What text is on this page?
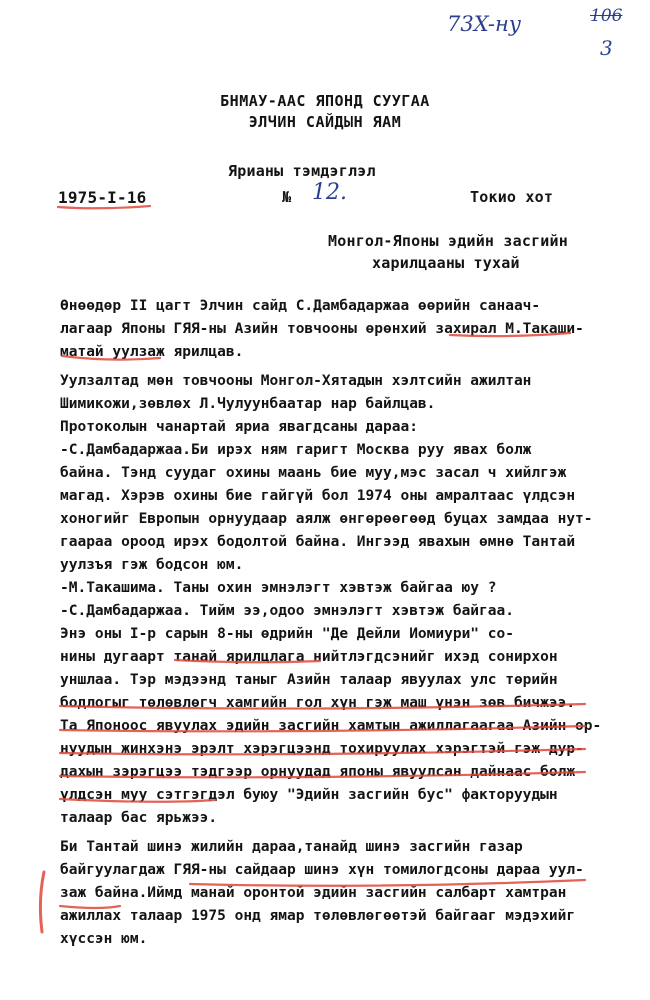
73X-ну	106
3
БНМАУ-ААС ЯПОНД СУУГАА
ЭЛЧИН САЙДЫН ЯАМ
Ярианы тэмдэглэл
1975-I-16	№ 12.	Токио хот
Монгол-Японы эдийн засгийн
харилцааны тухай
Өнөөдөр II цагт Элчин сайд С.Дамбадаржаа өөрийн санаач-
лагаар Японы ГЯЯ-ны Азийн товчооны өрөнхий захирал М.Такаши-
матай уулзаж ярилцав.
Уулзалтад мөн товчооны Монгол-Хятадын хэлтсийн ажилтан
Шимикожи,зөвлөх Л.Чулуунбаатар нар байлцав.
Протоколын чанартай яриа явагдсаны дараа:
-С.Дамбадаржаа.Би ирэх ням гаригт Москва руу явах болж
байна. Тэнд суудаг охины маань бие муу,мэс засал ч хийлгэж
магад. Хэрэв охины бие гайгүй бол 1974 оны амралтаас үлдсэн
хоногийг Европын орнуудаар аялж өнгөрөөгөөд буцах замдаа нут-
гаараа ороод ирэх бодолтой байна. Ингээд явахын өмнө Тантай
уулзъя гэж бодсон юм.
-М.Такашима. Таны охин эмнэлэгт хэвтэж байгаа юу ?
-С.Дамбадаржаа. Тийм ээ,одоо эмнэлэгт хэвтэж байгаа.
Энэ оны I-р сарын 8-ны өдрийн "Де Дейли Иомиури" со-
нины дугаарт танай ярилцлага нийтлэгдсэнийг ихэд сонирхон
уншлаа. Тэр мэдээнд таныг Азийн талаар явуулах улс төрийн
бодлогыг төлөвлөгч хамгийн гол хүн гэж маш үнэн зөв бичжээ.
Та Японоос явуулах эдийн засгийн хамтын ажиллагаагаа Азийн ор-
нуудын жинхэнэ эрэлт хэрэгцээнд тохируулах хэрэгтэй гэж дур-
дахын зэрэгцээ тэдгээр орнуудад японы явуулсан дайнаас болж
үлдсэн муу сэтгэгдэл буюу "Эдийн засгийн бус" факторуудын
талаар бас ярьжээ.
Би Тантай шинэ жилийн дараа,танайд шинэ засгийн газар
байгуулагдаж ГЯЯ-ны сайдаар шинэ хүн томилогдсоны дараа уул-
заж байна.Иймд манай оронтой эдийн засгийн салбарт хамтран
ажиллах талаар 1975 онд ямар төлөвлөгөөтэй байгааг мэдэхийг
хүссэн юм.
